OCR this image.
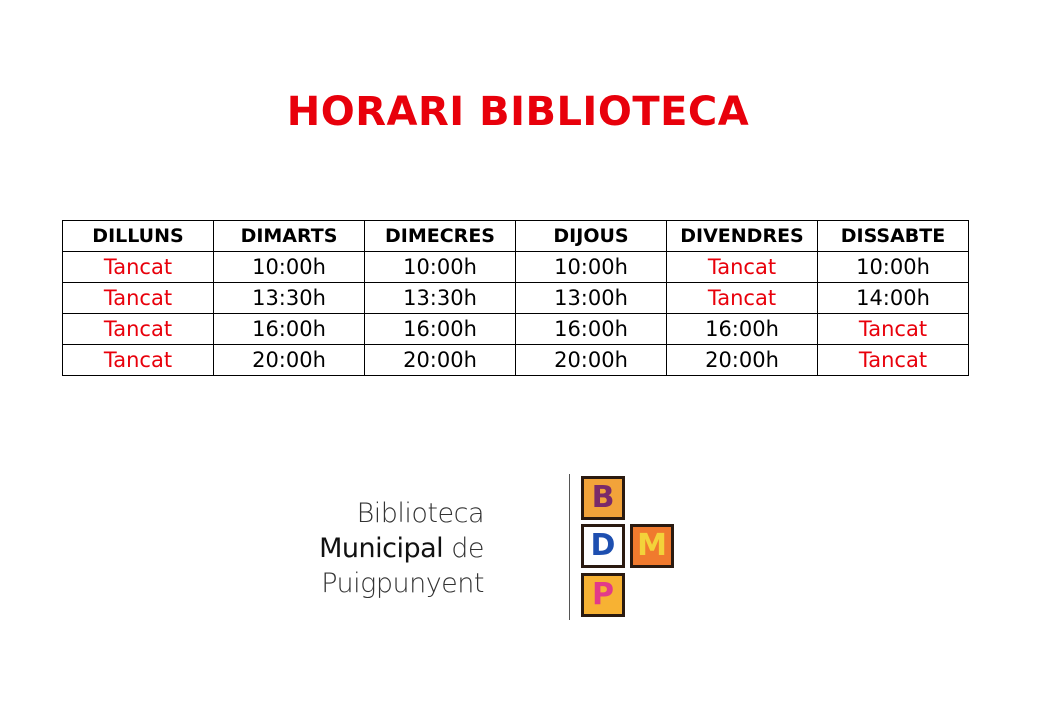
HORARI BIBLIOTECA
DILLUNS	DIMARTS	DIMECRES	DIJOUS	DIVENDRES	DISSABTE
Tancat	10:00h	10:00h	10:00h	Tancat	10:00h
Tancat	13:30h	13:30h	13:00h	Tancat	14:00h
Tancat	16:00h	16:00h	16:00h	16:00h	Tancat
Tancat	20:00h	20:00h	20:00h	20:00h	Tancat
Biblioteca
Municipal de
Puigpunyent
B
M
D
P
